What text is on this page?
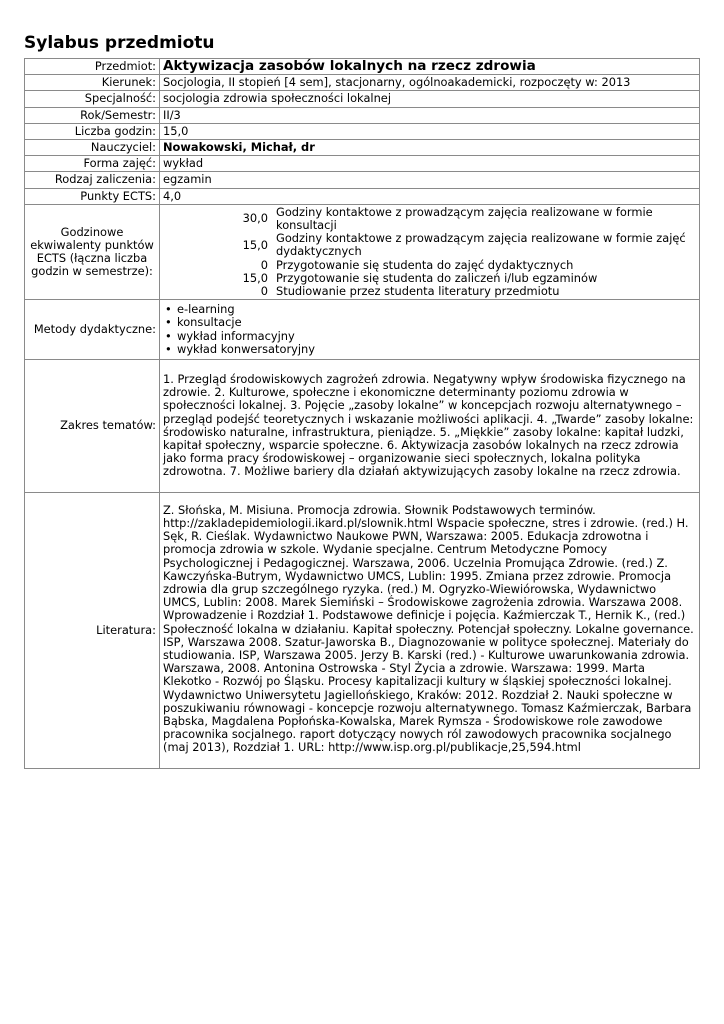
Sylabus przedmiotu
Przedmiot:	Aktywizacja zasobów lokalnych na rzecz zdrowia
Kierunek:	Socjologia, II stopień [4 sem], stacjonarny, ogólnoakademicki, rozpoczęty w: 2013
Specjalność:	socjologia zdrowia społeczności lokalnej
Rok/Semestr:	II/3
Liczba godzin:	15,0
Nauczyciel:	Nowakowski, Michał, dr
Forma zajęć:	wykład
Rodzaj zaliczenia:	egzamin
Punkty ECTS:	4,0
Godzinowe ekwiwalenty punktów ECTS (łączna liczba godzin w semestrze):	
30,0	Godziny kontaktowe z prowadzącym zajęcia realizowane w formie konsultacji
15,0	Godziny kontaktowe z prowadzącym zajęcia realizowane w formie zajęć dydaktycznych
0	Przygotowanie się studenta do zajęć dydaktycznych
15,0	Przygotowanie się studenta do zaliczeń i/lub egzaminów
0	Studiowanie przez studenta literatury przedmiotu

Metody dydaktyczne:	
• e-learning
• konsultacje
• wykład informacyjny
• wykład konwersatoryjny

Zakres tematów:	
1. Przegląd środowiskowych zagrożeń zdrowia. Negatywny wpływ środowiska fizycznego na zdrowie. 2. Kulturowe, społeczne i ekonomiczne determinanty poziomu zdrowia w społeczności lokalnej. 3. Pojęcie „zasoby lokalne” w koncepcjach rozwoju alternatywnego – przegląd podejść teoretycznych i wskazanie możliwości aplikacji. 4. „Twarde” zasoby lokalne: środowisko naturalne, infrastruktura, pieniądze. 5. „Miękkie” zasoby lokalne: kapitał ludzki, kapitał społeczny, wsparcie społeczne. 6. Aktywizacja zasobów lokalnych na rzecz zdrowia jako forma pracy środowiskowej – organizowanie sieci społecznych, lokalna polityka zdrowotna. 7. Możliwe bariery dla działań aktywizujących zasoby lokalne na rzecz zdrowia.

Literatura:	
Z. Słońska, M. Misiuna. Promocja zdrowia. Słownik Podstawowych terminów. http://zakladepidemiologii.ikard.pl/slownik.html Wspacie społeczne, stres i zdrowie. (red.) H. Sęk, R. Cieślak. Wydawnictwo Naukowe PWN, Warszawa: 2005. Edukacja zdrowotna i promocja zdrowia w szkole. Wydanie specjalne. Centrum Metodyczne Pomocy Psychologicznej i Pedagogicznej. Warszawa, 2006. Uczelnia Promująca Zdrowie. (red.) Z. Kawczyńska-Butrym, Wydawnictwo UMCS, Lublin: 1995. Zmiana przez zdrowie. Promocja zdrowia dla grup szczególnego ryzyka. (red.) M. Ogryzko-Wiewiórowska, Wydawnictwo UMCS, Lublin: 2008. Marek Siemiński – Środowiskowe zagrożenia zdrowia. Warszawa 2008. Wprowadzenie i Rozdział 1. Podstawowe definicje i pojęcia. Kaźmierczak T., Hernik K., (red.) Społeczność lokalna w działaniu. Kapitał społeczny. Potencjał społeczny. Lokalne governance. ISP, Warszawa 2008. Szatur-Jaworska B., Diagnozowanie w polityce społecznej. Materiały do studiowania. ISP, Warszawa 2005. Jerzy B. Karski (red.) - Kulturowe uwarunkowania zdrowia. Warszawa, 2008. Antonina Ostrowska - Styl Życia a zdrowie. Warszawa: 1999. Marta Klekotko - Rozwój po Śląsku. Procesy kapitalizacji kultury w śląskiej społeczności lokalnej. Wydawnictwo Uniwersytetu Jagiellońskiego, Kraków: 2012. Rozdział 2. Nauki społeczne w poszukiwaniu równowagi - koncepcje rozwoju alternatywnego. Tomasz Kaźmierczak, Barbara Bąbska, Magdalena Popłońska-Kowalska, Marek Rymsza - Środowiskowe role zawodowe pracownika socjalnego. raport dotyczący nowych ról zawodowych pracownika socjalnego (maj 2013), Rozdział 1. URL: http://www.isp.org.pl/publikacje,25,594.html
